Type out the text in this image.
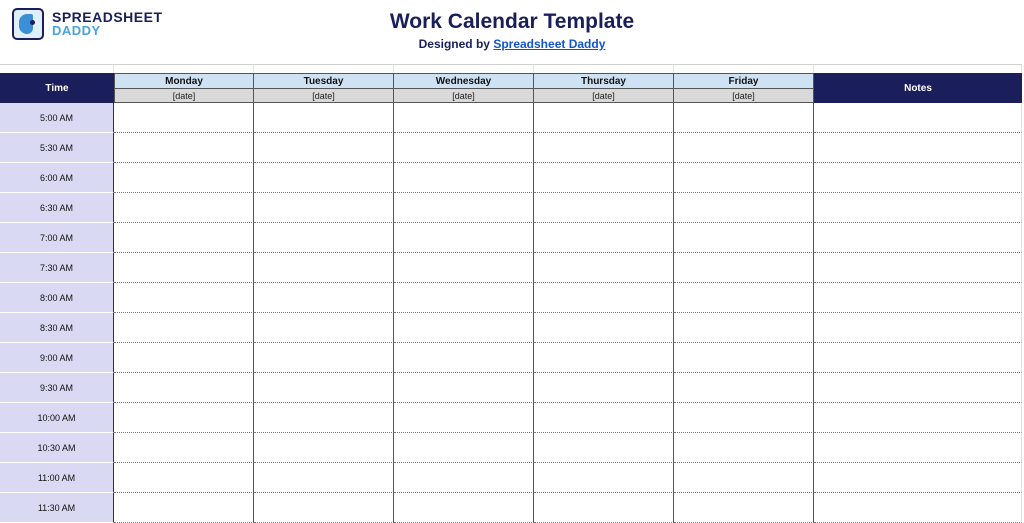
SPREADSHEET
DADDY	Work Calendar Template
Designed by Spreadsheet Daddy
Time
Monday
[date]
Tuesday
[date]
Wednesday
[date]
Thursday
[date]
Friday
[date]
Notes
5:00 AM
5:30 AM
6:00 AM
6:30 AM
7:00 AM
7:30 AM
8:00 AM
8:30 AM
9:00 AM
9:30 AM
10:00 AM
10:30 AM
11:00 AM
11:30 AM
